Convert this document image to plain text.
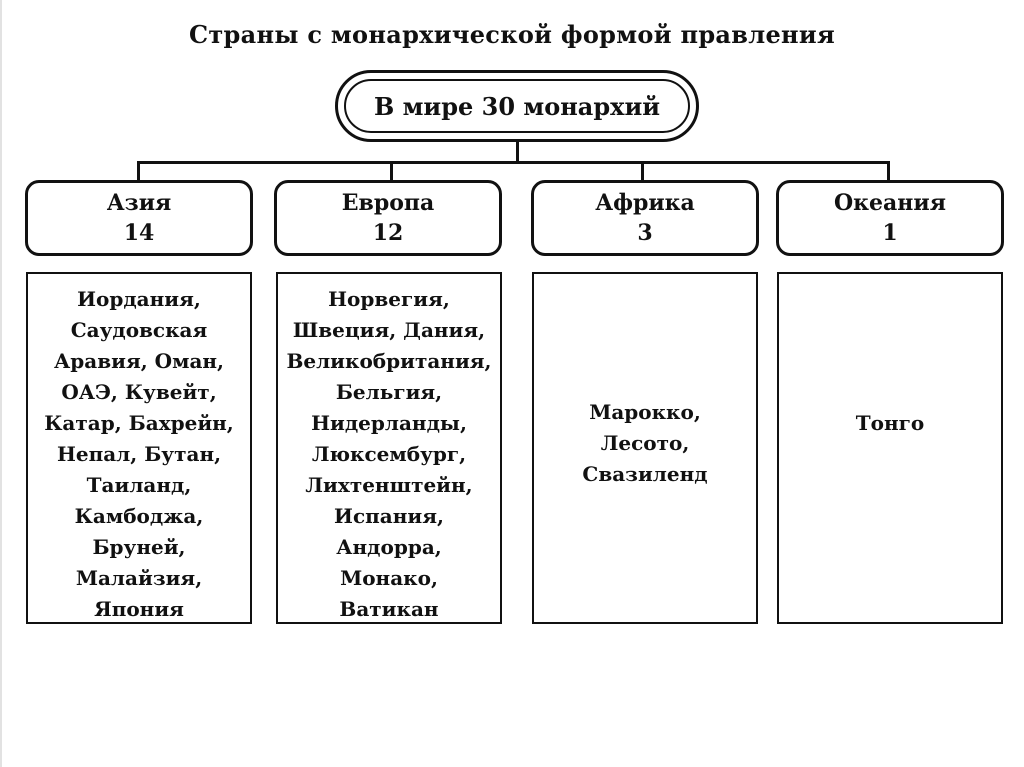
Страны с монархической формой правления
В мире 30 монархий
Азия
14
Европа
12
Африка
3
Океания
1
Иордания,
Саудовская
Аравия, Оман,
ОАЭ, Кувейт,
Катар, Бахрейн,
Непал, Бутан,
Таиланд,
Камбоджа,
Бруней,
Малайзия,
Япония
Норвегия,
Швеция, Дания,
Великобритания,
Бельгия,
Нидерланды,
Люксембург,
Лихтенштейн,
Испания,
Андорра,
Монако,
Ватикан
Марокко,
Лесото,
Свазиленд
Тонго
